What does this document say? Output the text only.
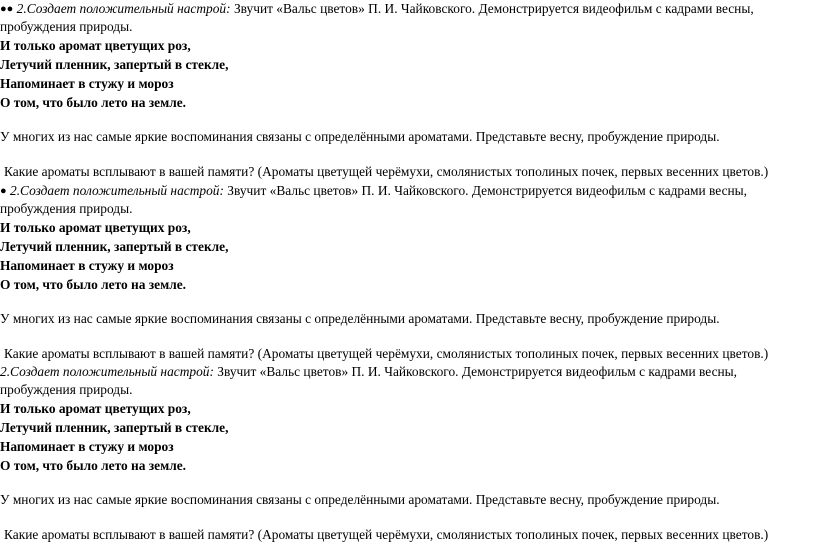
●● 2.Создает положительный настрой: Звучит «Вальс цветов» П. И. Чайковского. Демонстрируется видеофильм с кадрами весны, пробуждения природы.

И только аромат цветущих роз,
Летучий пленник, запертый в стекле,
Напоминает в стужу и мороз
О том, что было лето на земле.

У многих из нас самые яркие воспоминания связаны с определёнными ароматами. Представьте весну, пробуждение природы.

Какие ароматы всплывают в вашей памяти? (Ароматы цветущей черёмухи, смолянистых тополиных почек, первых весенних цветов.)

● 2.Создает положительный настрой: Звучит «Вальс цветов» П. И. Чайковского. Демонстрируется видеофильм с кадрами весны, пробуждения природы.

И только аромат цветущих роз,
Летучий пленник, запертый в стекле,
Напоминает в стужу и мороз
О том, что было лето на земле.

У многих из нас самые яркие воспоминания связаны с определёнными ароматами. Представьте весну, пробуждение природы.

Какие ароматы всплывают в вашей памяти? (Ароматы цветущей черёмухи, смолянистых тополиных почек, первых весенних цветов.)

2.Создает положительный настрой: Звучит «Вальс цветов» П. И. Чайковского. Демонстрируется видеофильм с кадрами весны, пробуждения природы.

И только аромат цветущих роз,
Летучий пленник, запертый в стекле,
Напоминает в стужу и мороз
О том, что было лето на земле.

У многих из нас самые яркие воспоминания связаны с определёнными ароматами. Представьте весну, пробуждение природы.

Какие ароматы всплывают в вашей памяти? (Ароматы цветущей черёмухи, смолянистых тополиных почек, первых весенних цветов.)
